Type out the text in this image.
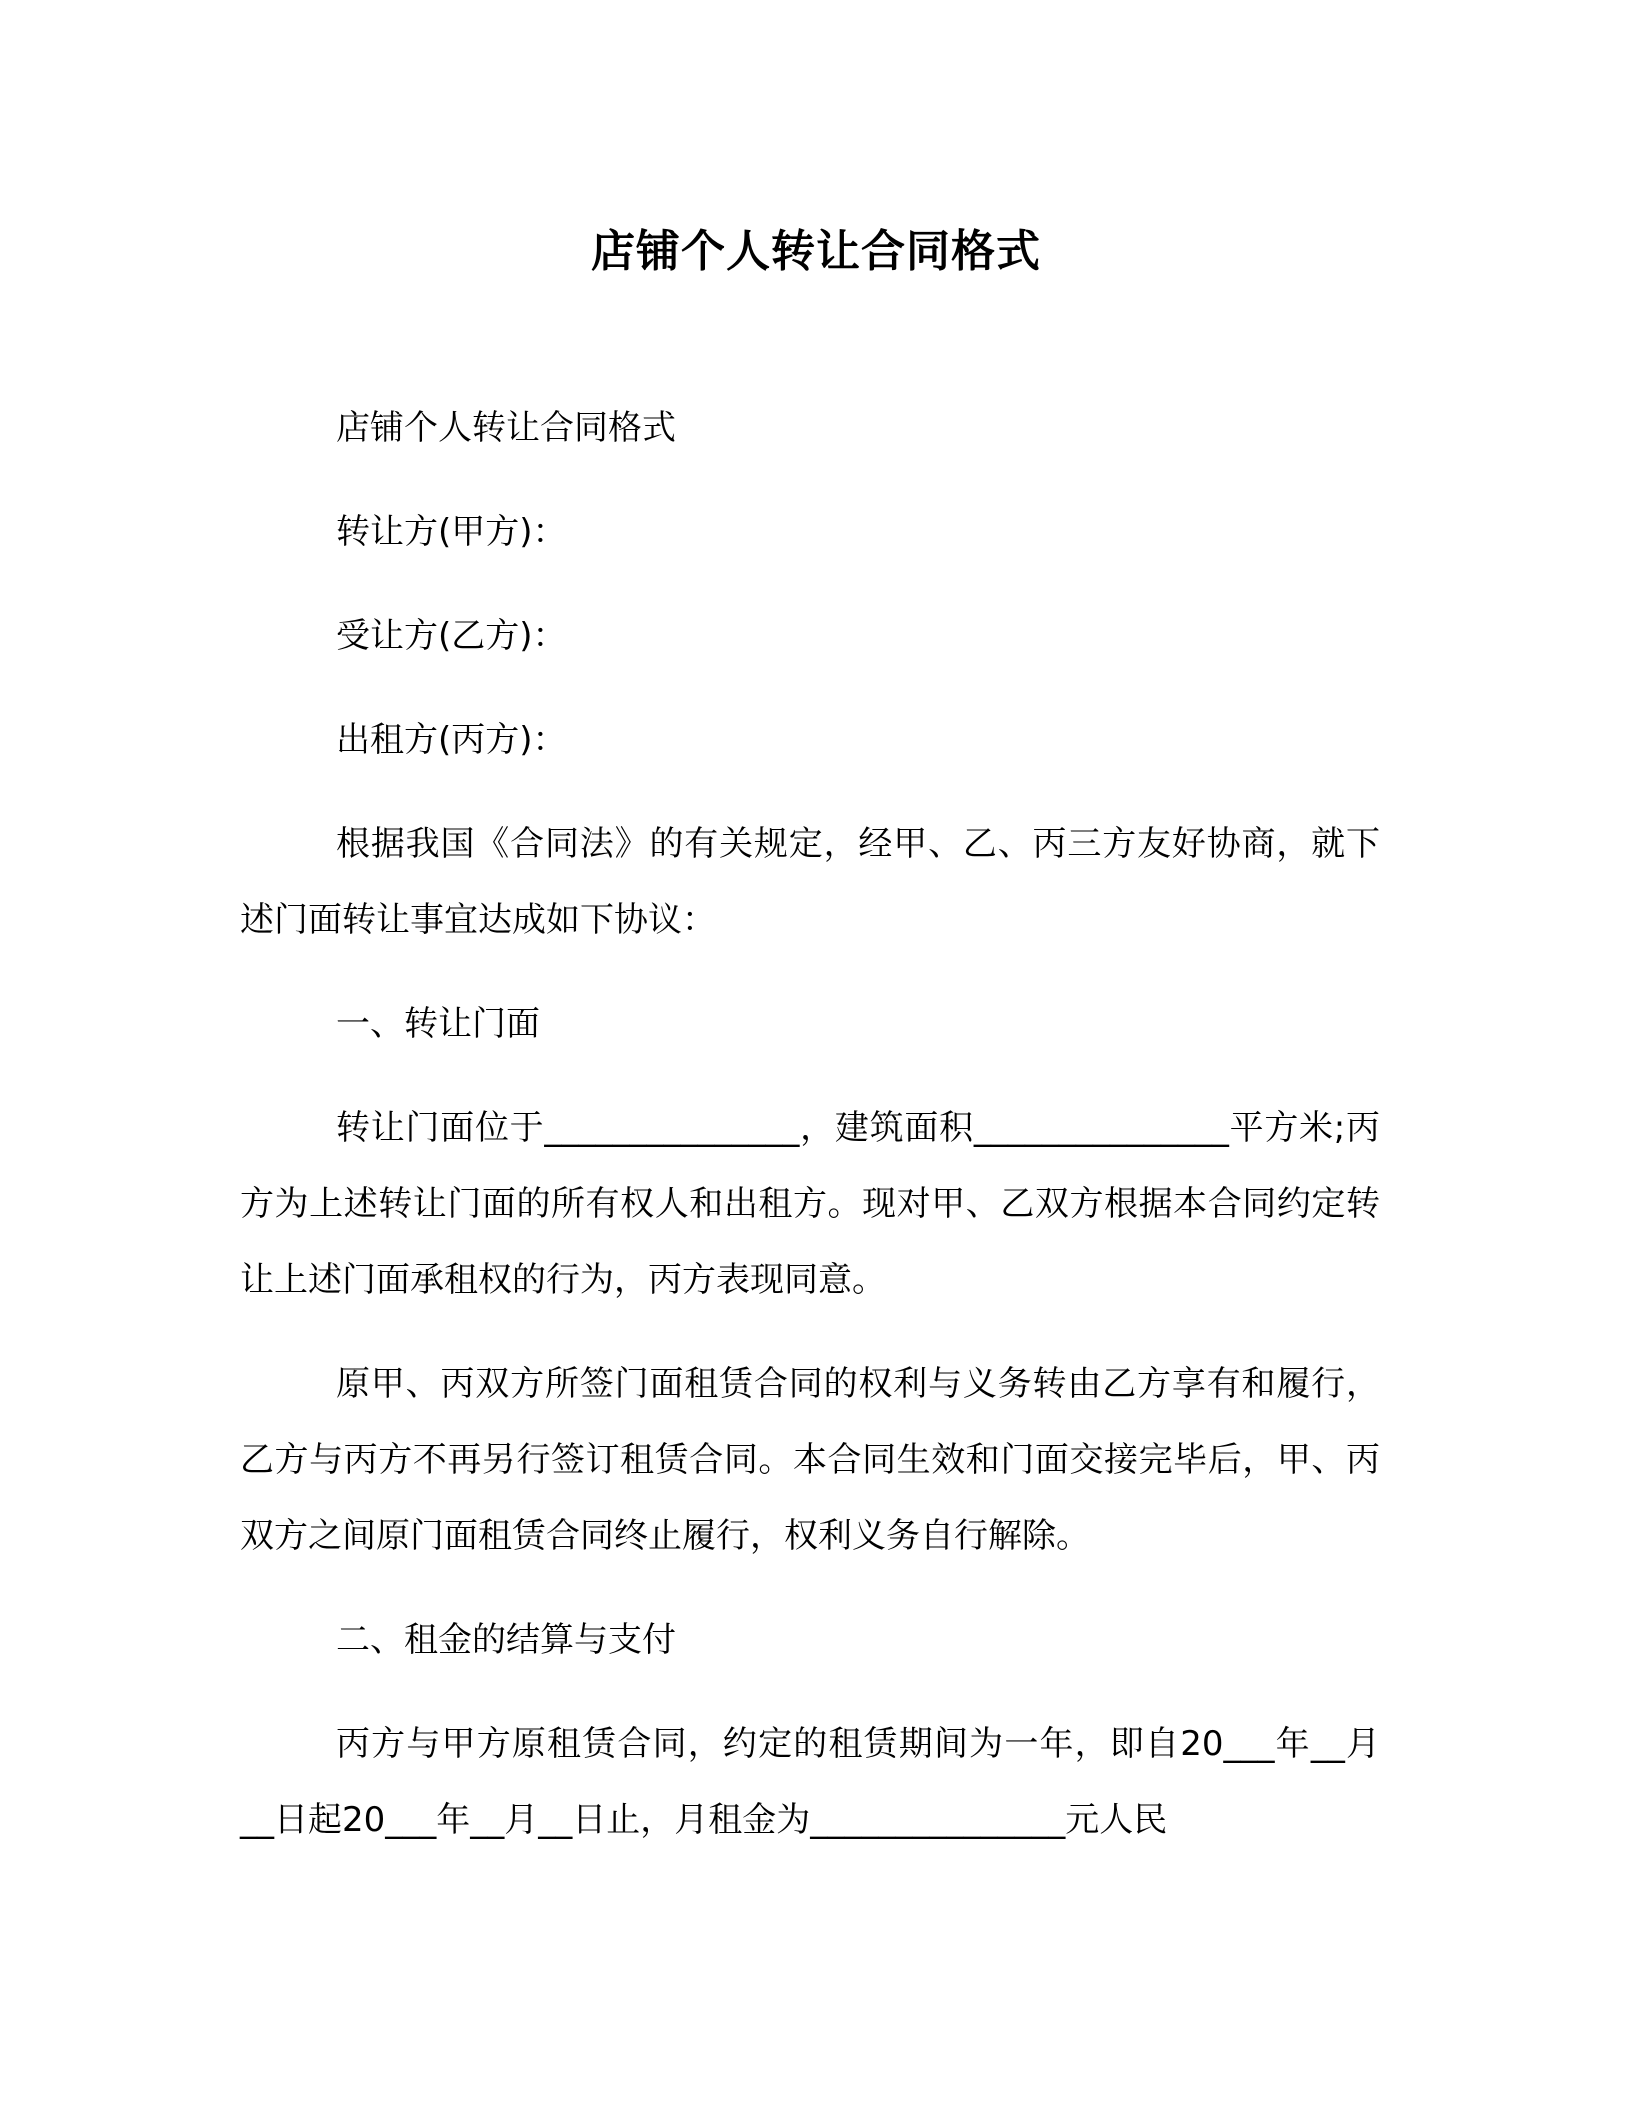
店铺个人转让合同格式

店铺个人转让合同格式

转让方(甲方)：

受让方(乙方)：

出租方(丙方)：

根据我国《合同法》的有关规定，经甲、乙、丙三方友好协商，就下述门面转让事宜达成如下协议：

一、转让门面

转让门面位于_______________，建筑面积_______________平方米;丙方为上述转让门面的所有权人和出租方。现对甲、乙双方根据本合同约定转让上述门面承租权的行为，丙方表现同意。

原甲、丙双方所签门面租赁合同的权利与义务转由乙方享有和履行，乙方与丙方不再另行签订租赁合同。本合同生效和门面交接完毕后，甲、丙双方之间原门面租赁合同终止履行，权利义务自行解除。

二、租金的结算与支付

丙方与甲方原租赁合同，约定的租赁期间为一年，即自20___年__月__日起20___年__月__日止，月租金为_______________元人民
